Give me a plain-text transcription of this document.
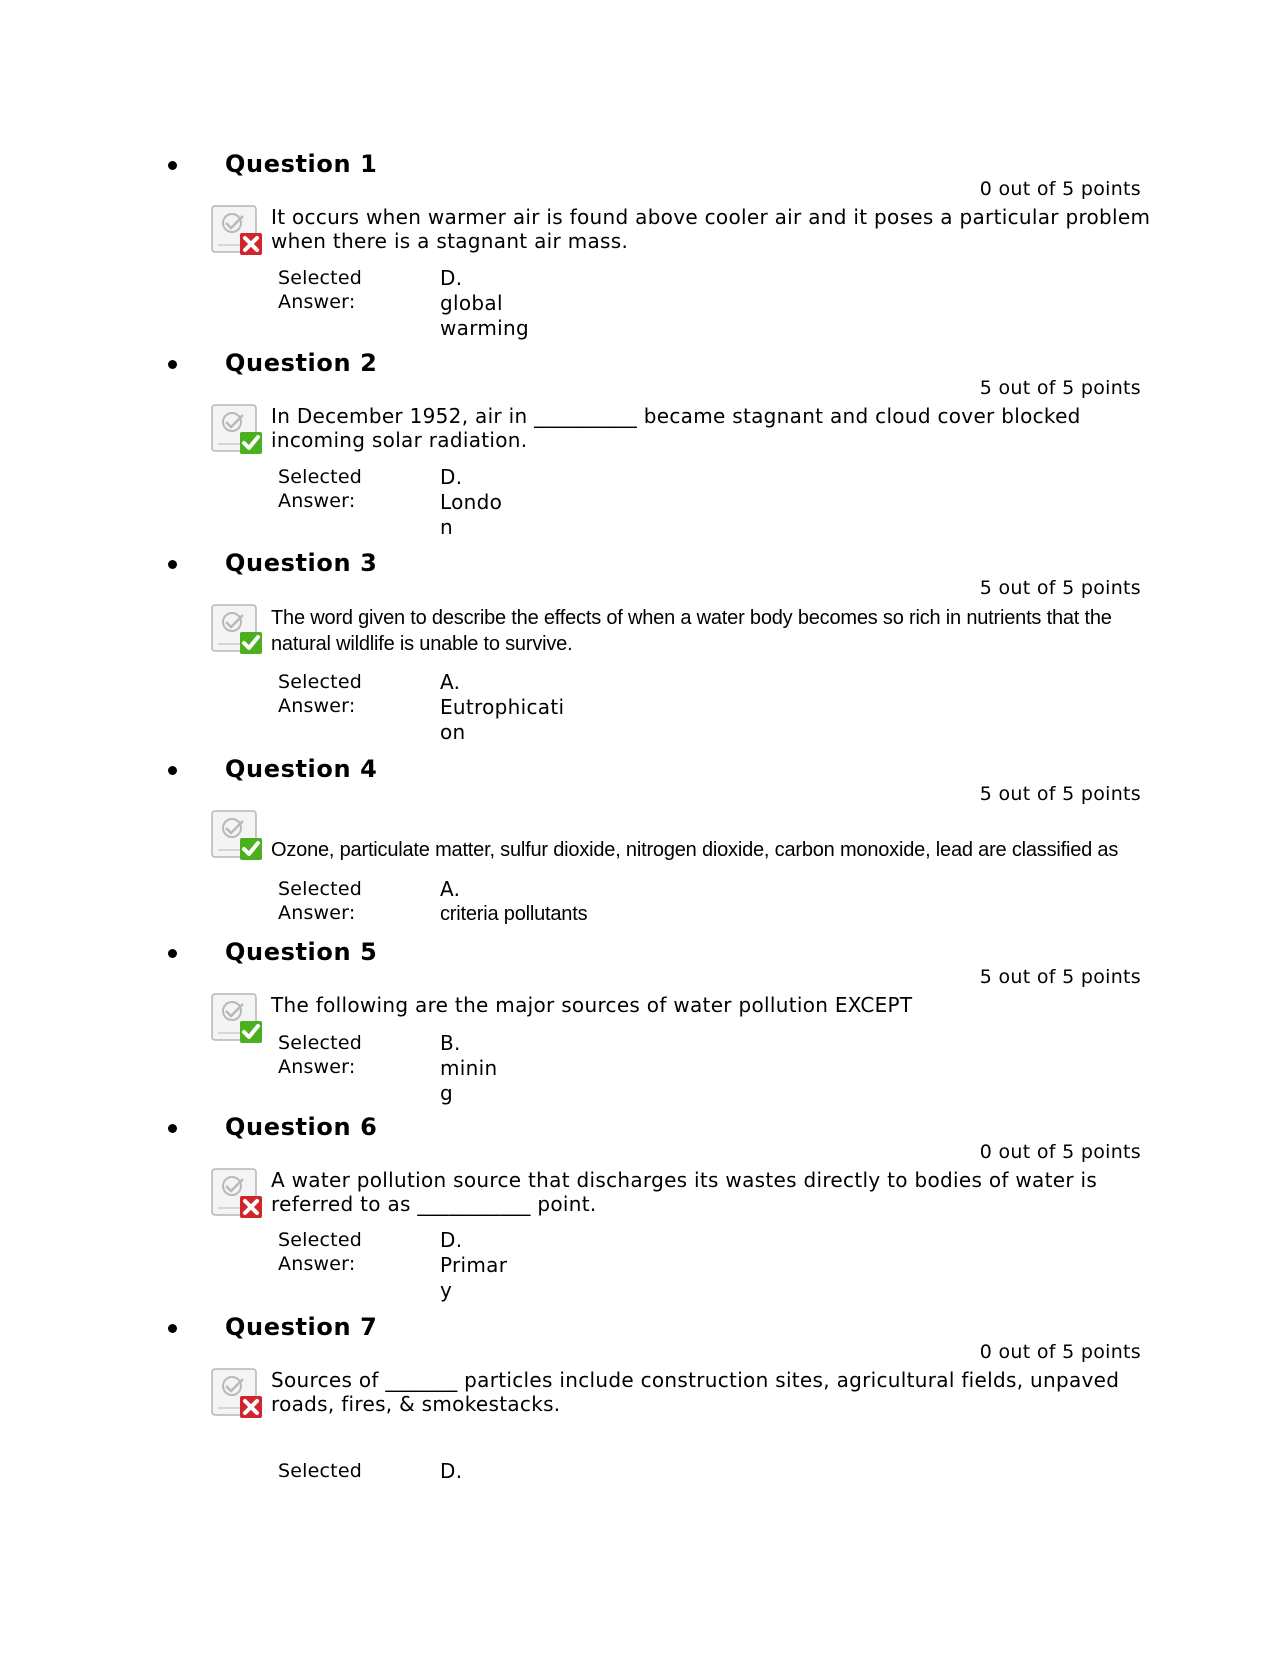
Question 1
0 out of 5 points
It occurs when warmer air is found above cooler air and it poses a particular problem when there is a stagnant air mass.
Selected
Answer:
D.
global warming
Question 2
5 out of 5 points
In December 1952, air in __________ became stagnant and cloud cover blocked incoming solar radiation.
Selected
Answer:
D.
London
Question 3
5 out of 5 points
The word given to describe the effects of when a water body becomes so rich in nutrients that the natural wildlife is unable to survive.
Selected
Answer:
A.
Eutrophication
Question 4
5 out of 5 points
Ozone, particulate matter, sulfur dioxide, nitrogen dioxide, carbon monoxide, lead are classified as
Selected
Answer:
A.
criteria pollutants
Question 5
5 out of 5 points
The following are the major sources of water pollution EXCEPT
Selected
Answer:
B.
mining
Question 6
0 out of 5 points
A water pollution source that discharges its wastes directly to bodies of water is referred to as ___________ point.
Selected
Answer:
D.
Primary
Question 7
0 out of 5 points
Sources of _______ particles include construction sites, agricultural fields, unpaved roads, fires, & smokestacks.
Selected	D.
